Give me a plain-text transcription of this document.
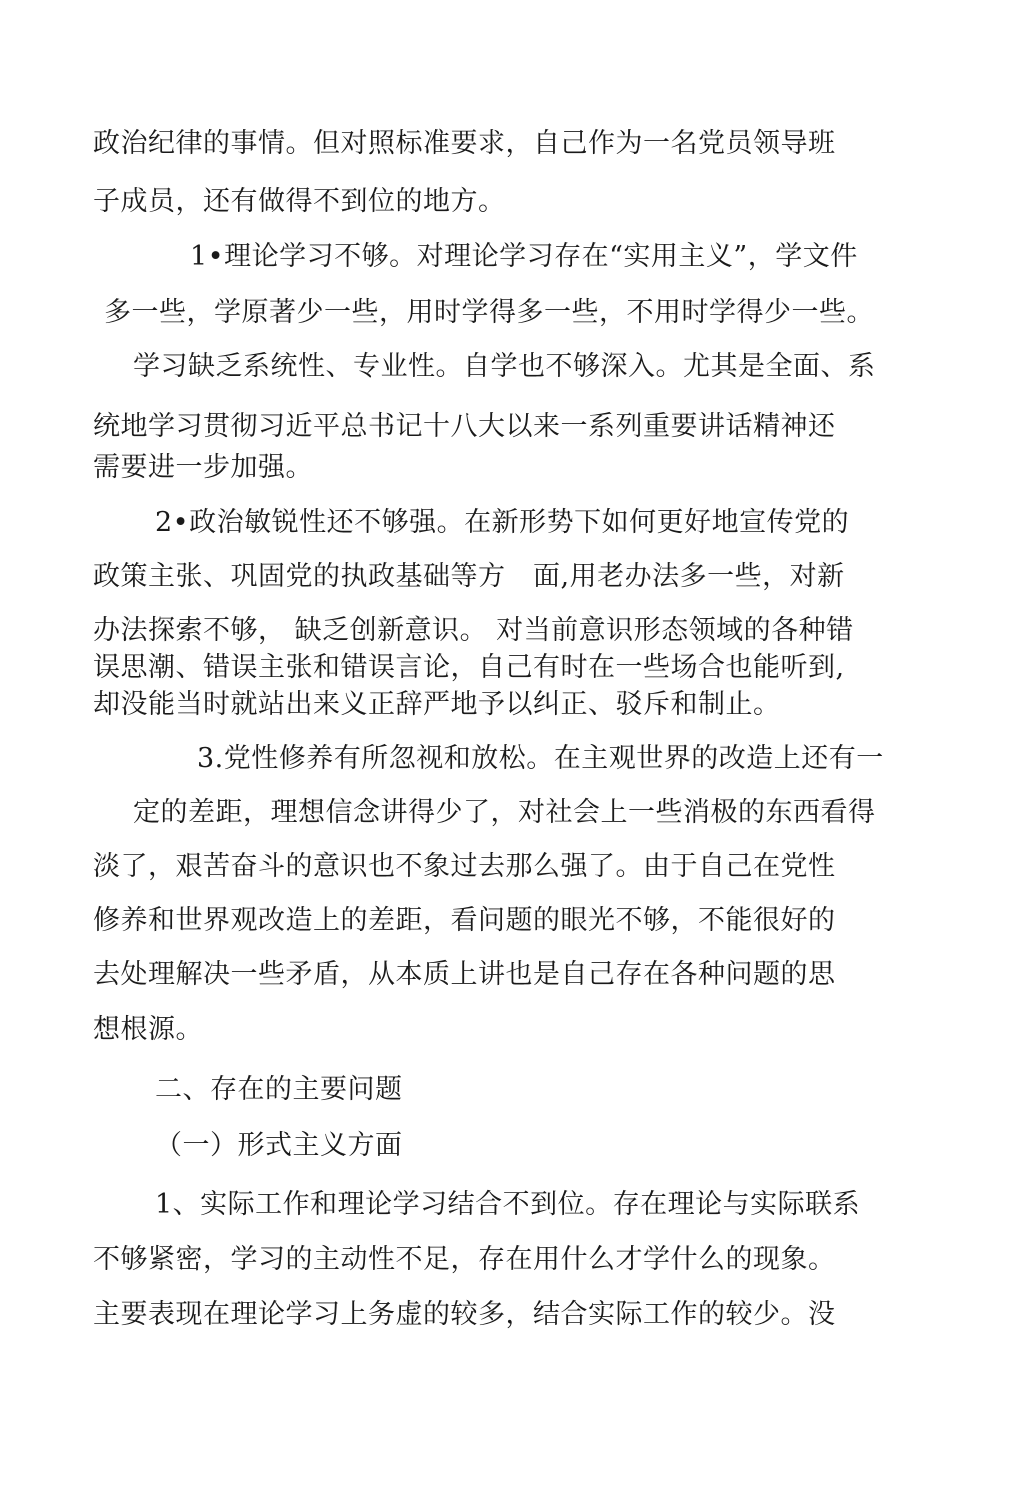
政治纪律的事情。但对照标准要求，自己作为一名党员领导班
子成员，还有做得不到位的地方。
1•理论学习不够。对理论学习存在“实用主义”，学文件
多一些，学原著少一些，用时学得多一些，不用时学得少一些。
学习缺乏系统性、专业性。自学也不够深入。尤其是全面、系
统地学习贯彻习近平总书记十八大以来一系列重要讲话精神还
需要进一步加强。
2•政治敏锐性还不够强。在新形势下如何更好地宣传党的
政策主张、巩固党的执政基础等方　面,用老办法多一些，对新
办法探索不够， 缺乏创新意识。 对当前意识形态领域的各种错
误思潮、错误主张和错误言论，自己有时在一些场合也能听到,
却没能当时就站出来义正辞严地予以纠正、驳斥和制止。
3.党性修养有所忽视和放松。在主观世界的改造上还有一
定的差距，理想信念讲得少了，对社会上一些消极的东西看得
淡了，艰苦奋斗的意识也不象过去那么强了。由于自己在党性
修养和世界观改造上的差距，看问题的眼光不够，不能很好的
去处理解决一些矛盾，从本质上讲也是自己存在各种问题的思
想根源。
二、存在的主要问题
（一）形式主义方面
1、实际工作和理论学习结合不到位。存在理论与实际联系
不够紧密，学习的主动性不足，存在用什么才学什么的现象。
主要表现在理论学习上务虚的较多，结合实际工作的较少。没
